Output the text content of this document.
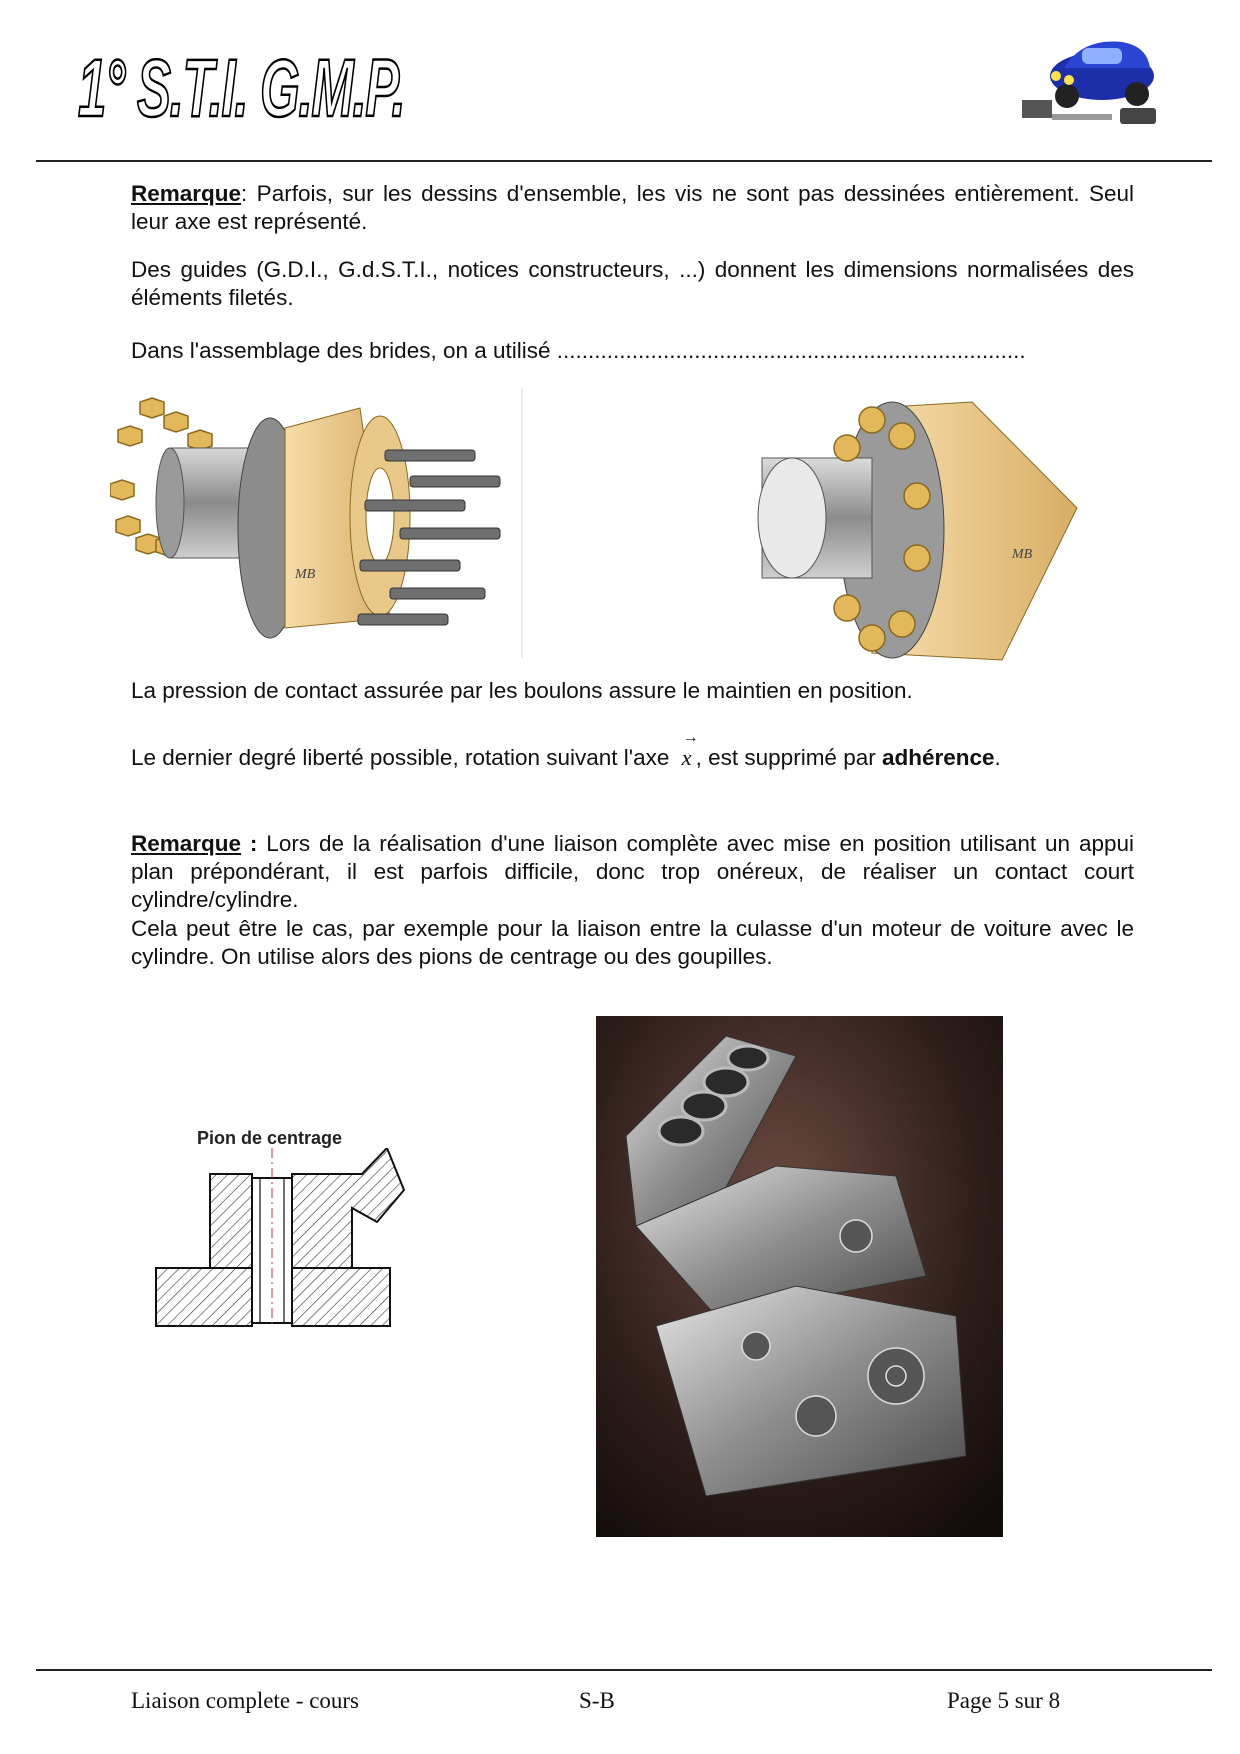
1° S.T.I. G.M.P.
Remarque: Parfois, sur les dessins d'ensemble, les vis ne sont pas dessinées entièrement. Seul leur axe est représenté.
Des guides (G.D.I., G.d.S.T.I., notices constructeurs, ...) donnent les dimensions normalisées des éléments filetés.
Dans l'assemblage des brides, on a utilisé ...........................................................................
MB
MB
La pression de contact assurée par les boulons assure le maintien en position.
Le dernier degré liberté possible, rotation suivant l'axe
→
x , est supprimé par adhérence.
Remarque : Lors de la réalisation d'une liaison complète avec mise en position utilisant un appui plan prépondérant, il est parfois difficile, donc trop onéreux, de réaliser un contact court cylindre/cylindre.
Cela peut être le cas, par exemple pour la liaison entre la culasse d'un moteur de voiture avec le cylindre. On utilise alors des pions de centrage ou des goupilles.
Pion de centrage
Liaison complete - cours	S-B	Page 5 sur 8
